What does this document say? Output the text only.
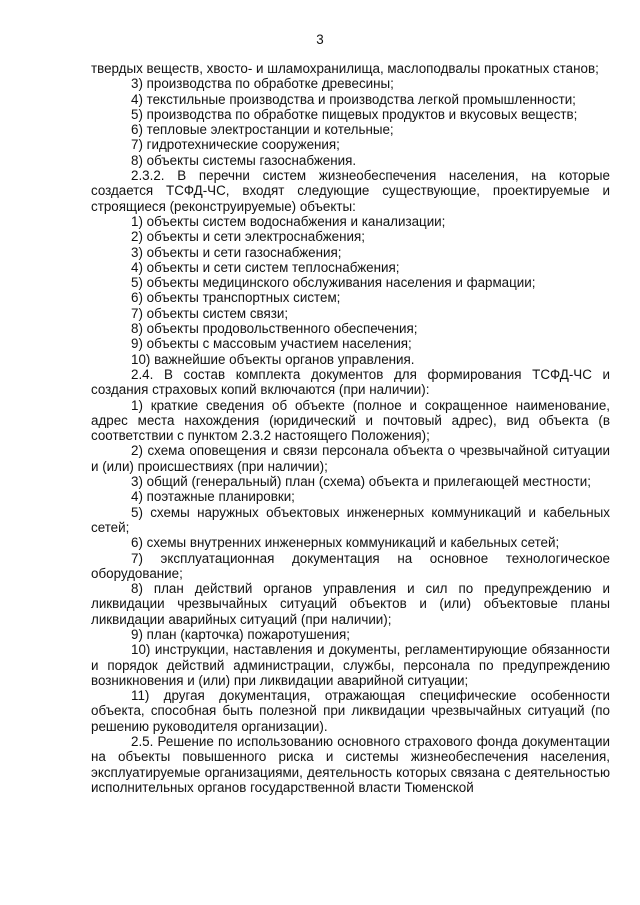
3

твердых веществ, хвосто- и шламохранилища, маслоподвалы прокатных станов;

3) производства по обработке древесины;

4) текстильные производства и производства легкой промышленности;

5) производства по обработке пищевых продуктов и вкусовых веществ;

6) тепловые электростанции и котельные;

7) гидротехнические сооружения;

8) объекты системы газоснабжения.

2.3.2. В перечни систем жизнеобеспечения населения, на которые создается ТСФД-ЧС, входят следующие существующие, проектируемые и строящиеся (реконструируемые) объекты:

1) объекты систем водоснабжения и канализации;

2) объекты и сети электроснабжения;

3) объекты и сети газоснабжения;

4) объекты и сети систем теплоснабжения;

5) объекты медицинского обслуживания населения и фармации;

6) объекты транспортных систем;

7) объекты систем связи;

8) объекты продовольственного обеспечения;

9) объекты с массовым участием населения;

10) важнейшие объекты органов управления.

2.4. В состав комплекта документов для формирования ТСФД-ЧС и создания страховых копий включаются (при наличии):

1) краткие сведения об объекте (полное и сокращенное наименование, адрес места нахождения (юридический и почтовый адрес), вид объекта (в соответствии с пунктом 2.3.2 настоящего Положения);

2) схема оповещения и связи персонала объекта о чрезвычайной ситуации и (или) происшествиях (при наличии);

3) общий (генеральный) план (схема) объекта и прилегающей местности;

4) поэтажные планировки;

5) схемы наружных объектовых инженерных коммуникаций и кабельных сетей;

6) схемы внутренних инженерных коммуникаций и кабельных сетей;

7) эксплуатационная документация на основное технологическое оборудование;

8) план действий органов управления и сил по предупреждению и ликвидации чрезвычайных ситуаций объектов и (или) объектовые планы ликвидации аварийных ситуаций (при наличии);

9) план (карточка) пожаротушения;

10) инструкции, наставления и документы, регламентирующие обязанности и порядок действий администрации, службы, персонала по предупреждению возникновения и (или) при ликвидации аварийной ситуации;

11) другая документация, отражающая специфические особенности объекта, способная быть полезной при ликвидации чрезвычайных ситуаций (по решению руководителя организации).

2.5. Решение по использованию основного страхового фонда документации на объекты повышенного риска и системы жизнеобеспечения населения, эксплуатируемые организациями, деятельность которых связана с деятельностью исполнительных органов государственной власти Тюменской
